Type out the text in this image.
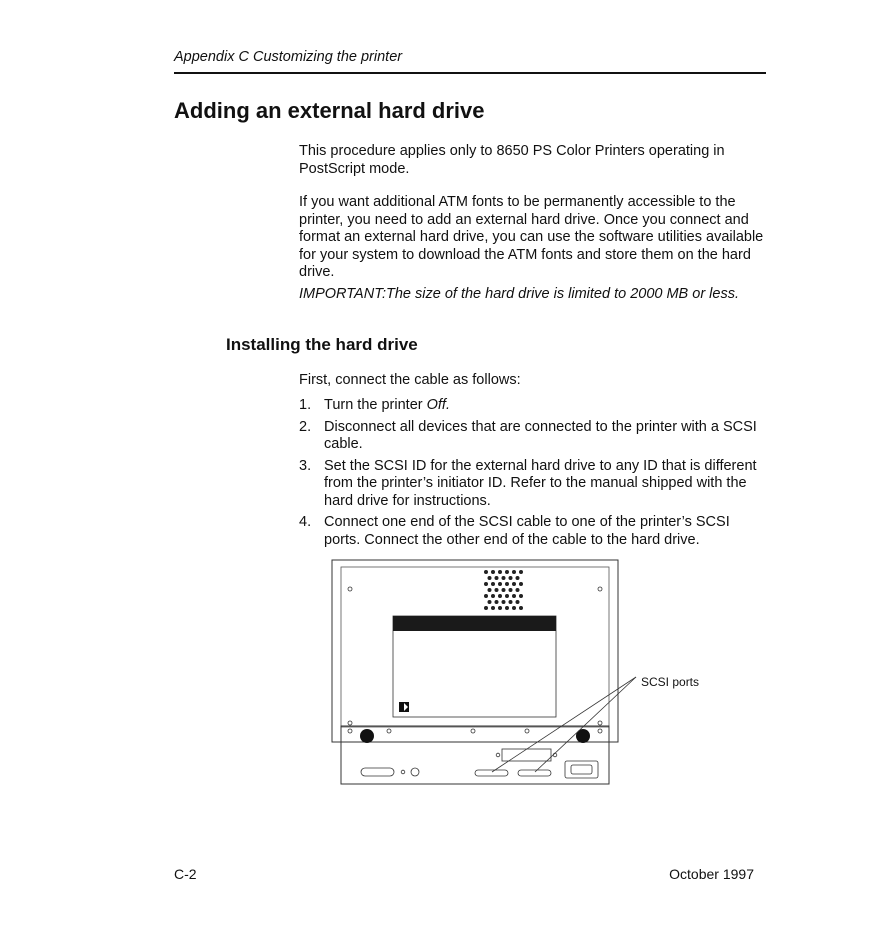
Appendix C Customizing the printer
Adding an external hard drive

This procedure applies only to 8650 PS Color Printers operating in PostScript mode.

If you want additional ATM fonts to be permanently accessible to the printer, you need to add an external hard drive. Once you connect and format an external hard drive, you can use the software utilities available for your system to download the ATM fonts and store them on the hard drive.

IMPORTANT:The size of the hard drive is limited to 2000 MB or less.

Installing the hard drive

First, connect the cable as follows:

1. Turn the printer Off.
2. Disconnect all devices that are connected to the printer with a SCSI cable.
3. Set the SCSI ID for the external hard drive to any ID that is different from the printer’s initiator ID. Refer to the manual shipped with the hard drive for instructions.
4. Connect one end of the SCSI cable to one of the printer’s SCSI ports. Connect the other end of the cable to the hard drive.
SCSI ports
C-2	October 1997
